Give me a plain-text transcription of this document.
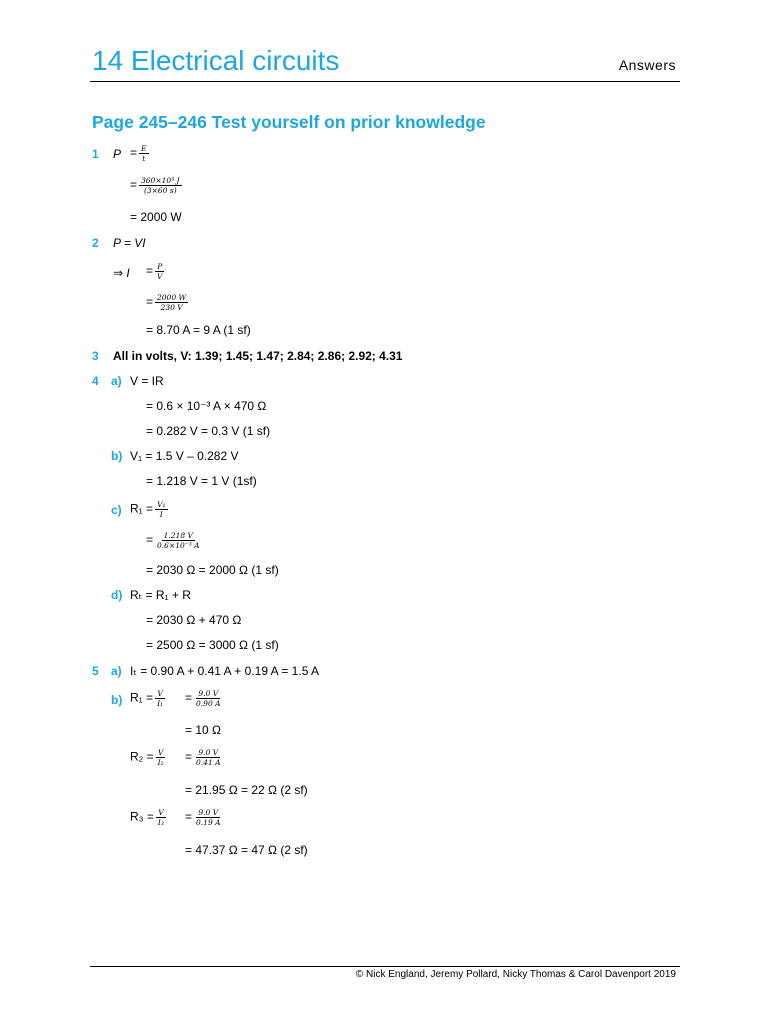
14 Electrical circuits	Answers
Page 245–246 Test yourself on prior knowledge
1 $P = \frac{E}{t}$
= $\frac{\text{360×10³ J}}{(3\times 60 s)}$
= 2000 W
2 P = VI
⇒ $I = \frac{P}{V}$
= $\frac{2000 W}{230 V}$
= 8.70 A = 9 A (1 sf)
3 All in volts, V: 1.39; 1.45; 1.47; 2.84; 2.86; 2.92; 4.31
4 a) V = IR
= 0.6 × 10⁻³ A × 470 Ω
= 0.282 V = 0.3 V (1 sf)
b) V₁ = 1.5 V – 0.282 V
= 1.218 V = 1 V (1sf)
c) $R_1 = \frac{\text{V₁}}{I}$
= $\frac{1.218 V}{\text{0.6×10⁻³ A}}$
= 2030 Ω = 2000 Ω (1 sf)
d) Rₜ = R₁ + R
= 2030 Ω + 470 Ω
= 2500 Ω = 3000 Ω (1 sf)
5 a) Iₜ = 0.90 A + 0.41 A + 0.19 A = 1.5 A
b) $R_1 = \frac{V}{\text{I₁}} = \frac{9.0 V}{0.90 A}$
= 10 Ω
$R_2 = \frac{V}{\text{I₂}} = \frac{9.0 V}{0.41 A}$
= 21.95 Ω = 22 Ω (2 sf)
$R_3 = \frac{V}{\text{I₃}} = \frac{9.0 V}{0.19 A}$
= 47.37 Ω = 47 Ω (2 sf)
© Nick England, Jeremy Pollard, Nicky Thomas & Carol Davenport 2019
